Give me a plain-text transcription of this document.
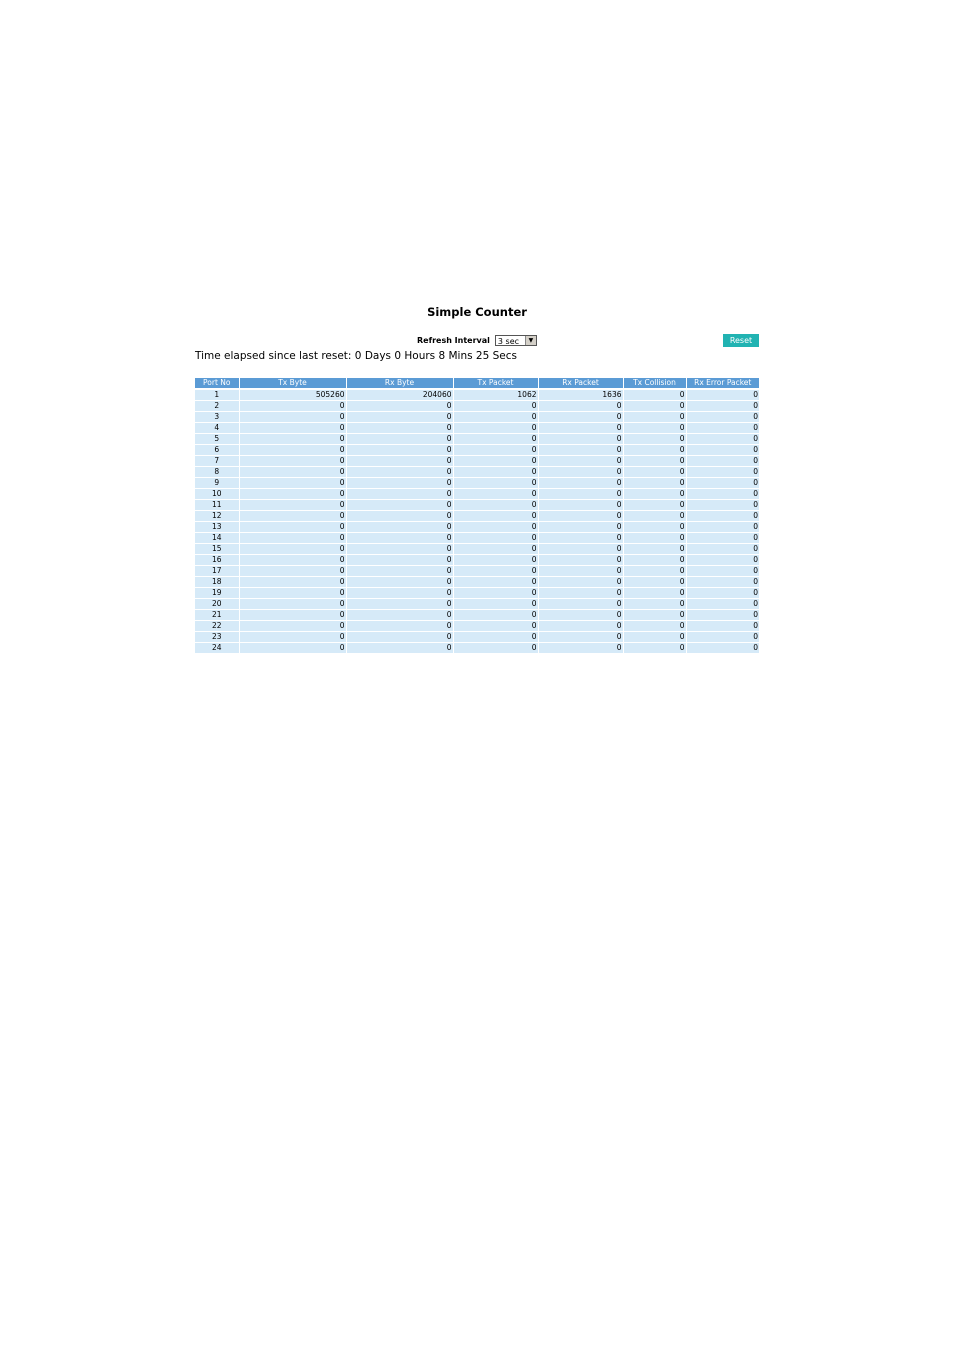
Simple Counter
Refresh Interval	3 sec	▼	Reset
Time elapsed since last reset: 0 Days 0 Hours 8 Mins 25 Secs
Port No	Tx Byte	Rx Byte	Tx Packet	Rx Packet	Tx Collision	Rx Error Packet
1	505260	204060	1062	1636	0	0
2	0	0	0	0	0	0
3	0	0	0	0	0	0
4	0	0	0	0	0	0
5	0	0	0	0	0	0
6	0	0	0	0	0	0
7	0	0	0	0	0	0
8	0	0	0	0	0	0
9	0	0	0	0	0	0
10	0	0	0	0	0	0
11	0	0	0	0	0	0
12	0	0	0	0	0	0
13	0	0	0	0	0	0
14	0	0	0	0	0	0
15	0	0	0	0	0	0
16	0	0	0	0	0	0
17	0	0	0	0	0	0
18	0	0	0	0	0	0
19	0	0	0	0	0	0
20	0	0	0	0	0	0
21	0	0	0	0	0	0
22	0	0	0	0	0	0
23	0	0	0	0	0	0
24	0	0	0	0	0	0
